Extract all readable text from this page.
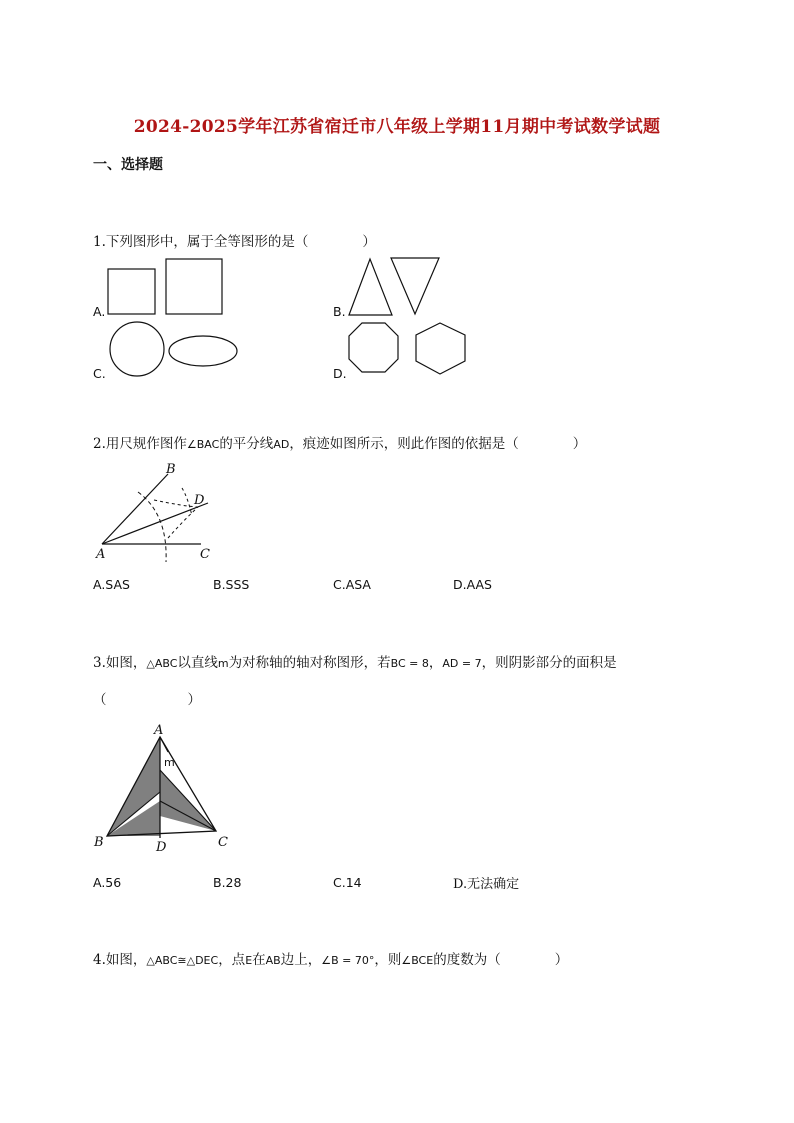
2024-2025学年江苏省宿迁市八年级上学期11月期中考试数学试题
一、选择题
1.下列图形中，属于全等图形的是（　　　　）
A.	B.
C.	D.
2.用尺规作图作∠BAC的平分线AD，痕迹如图所示，则此作图的依据是（　　　　）
A
B
C
D
A.SAS	B.SSS	C.ASA	D.AAS
3.如图，△ABC以直线m为对称轴的轴对称图形，若BC = 8，AD = 7，则阴影部分的面积是
（　　　　　　）
A
B	C
D
m
A.56	B.28	C.14	D.无法确定
4.如图，△ABC≅△DEC，点E在AB边上，∠B = 70°，则∠BCE的度数为（　　　　）
